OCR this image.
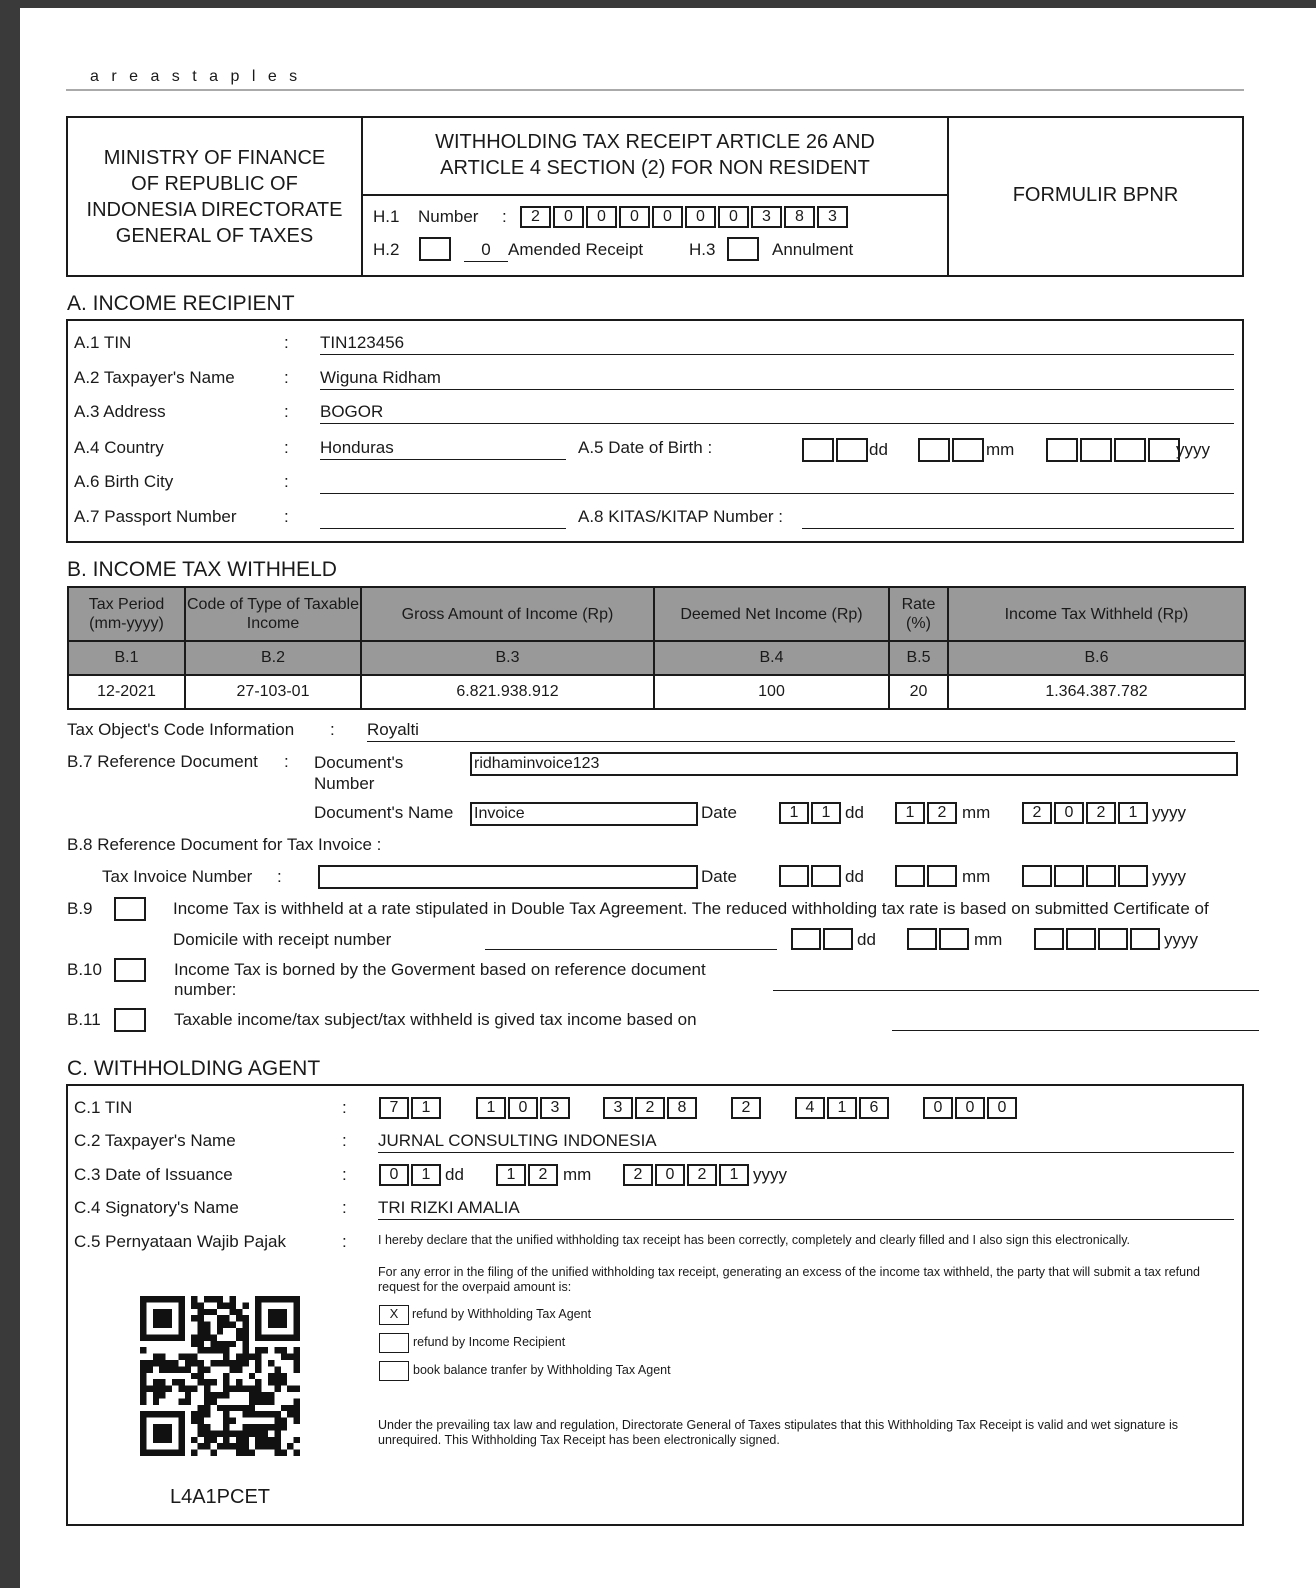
a r e a s t a p l e s
MINISTRY OF FINANCE
OF REPUBLIC OF
INDONESIA DIRECTORATE
GENERAL OF TAXES
WITHHOLDING TAX RECEIPT ARTICLE 26 AND
ARTICLE 4 SECTION (2) FOR NON RESIDENT
FORMULIR BPNR
H.1 Number :	2	0	0	0	0	0	0	3	8	3
H.2	0	Amended Receipt	H.3	Annulment
A. INCOME RECIPIENT
A.1 TIN	: TIN123456
A.2 Taxpayer's Name	: Wiguna Ridham
A.3 Address	: BOGOR
A.4 Country	: Honduras	A.5 Date of Birth :	dd	mm	yyyy
A.6 Birth City	:
A.7 Passport Number	:	A.8 KITAS/KITAP Number :
B. INCOME TAX WITHHELD
Tax Period (mm-yyyy)	Code of Type of Taxable Income	Gross Amount of Income (Rp)	Deemed Net Income (Rp)	Rate (%)	Income Tax Withheld (Rp)
B.1	B.2	B.3	B.4	B.5	B.6
12-2021	27-103-01	6.821.938.912	100	20	1.364.387.782
Tax Object's Code Information : Royalti
B.7 Reference Document : Document's Number
ridhaminvoice123
Document's Name Invoice	Date	1	1 dd	1	2 mm	2	0	2	1 yyyy
B.8 Reference Document for Tax Invoice :
Tax Invoice Number :	Date	dd	mm	yyyy
B.9	Income Tax is withheld at a rate stipulated in Double Tax Agreement. The reduced withholding tax rate is based on submitted Certificate of
Domicile with receipt number	dd	mm	yyyy
B.10	Income Tax is borned by the Goverment based on reference document
number:
B.11	Taxable income/tax subject/tax withheld is gived tax income based on
C. WITHHOLDING AGENT
C.1 TIN	:	7	1	1	0	3	3	2	8	2	4	1	6	0	0	0
C.2 Taxpayer's Name	: JURNAL CONSULTING INDONESIA
C.3 Date of Issuance	:	0	1 dd	1	2 mm	2	0	2	1 yyyy
C.4 Signatory's Name	: TRI RIZKI AMALIA
C.5 Pernyataan Wajib Pajak	:	I hereby declare that the unified withholding tax receipt has been correctly, completely and clearly filled and I also sign this electronically.
For any error in the filing of the unified withholding tax receipt, generating an excess of the income tax withheld, the party that will submit a tax refund
request for the overpaid amount is:
X	refund by Withholding Tax Agent
refund by Income Recipient
book balance tranfer by Withholding Tax Agent
Under the prevailing tax law and regulation, Directorate General of Taxes stipulates that this Withholding Tax Receipt is valid and wet signature is
unrequired. This Withholding Tax Receipt has been electronically signed.
L4A1PCET
